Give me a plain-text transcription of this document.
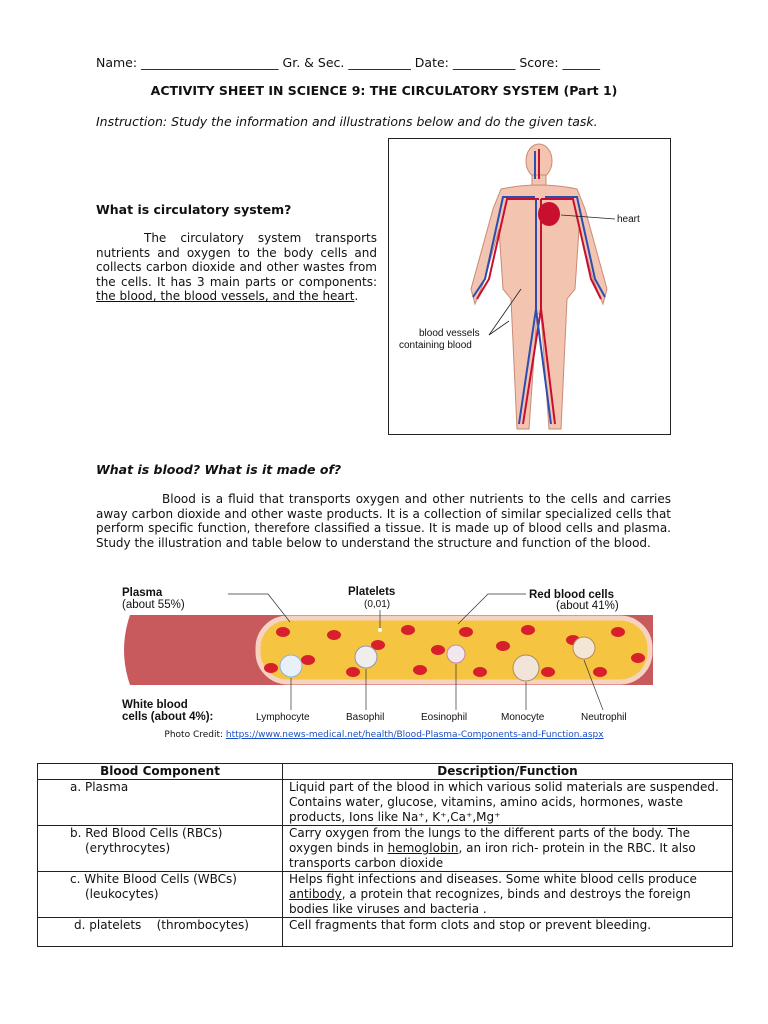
Name: ______________________ Gr. & Sec. __________ Date: __________ Score: ______
ACTIVITY SHEET IN SCIENCE 9: THE CIRCULATORY SYSTEM (Part 1)
Instruction: Study the information and illustrations below and do the given task.
What is circulatory system?
The circulatory system transports nutrients and oxygen to the body cells and collects carbon dioxide and other wastes from the cells. It has 3 main parts or components: the blood, the blood vessels, and the heart.
heart
blood vessels
containing blood
What is blood? What is it made of?
Blood is a fluid that transports oxygen and other nutrients to the cells and carries away carbon dioxide and other waste products. It is a collection of similar specialized cells that perform specific function, therefore classified a tissue. It is made up of blood cells and plasma. Study the illustration and table below to understand the structure and function of the blood.
Plasma
(about 55%)
Platelets
(0,01)
Red blood cells
(about 41%)
White blood
cells (about 4%):	Lymphocyte	Basophil	Eosinophil	Monocyte	Neutrophil
Photo Credit: https://www.news-medical.net/health/Blood-Plasma-Components-and-Function.aspx
Blood Component	Description/Function
a. Plasma	Liquid part of the blood in which various solid materials are suspended. Contains water, glucose, vitamins, amino acids, hormones, waste products, Ions like Na⁺, K⁺,Ca⁺,Mg⁺

b. Red Blood Cells (RBCs)
(erythrocytes)	Carry oxygen from the lungs to the different parts of the body. The oxygen binds in hemoglobin, an iron rich- protein in the RBC. It also transports carbon dioxide

c. White Blood Cells (WBCs)
(leukocytes)	Helps fight infections and diseases. Some white blood cells produce antibody, a protein that recognizes, binds and destroys the foreign bodies like viruses and bacteria .
d. platelets    (thrombocytes)	Cell fragments that form clots and stop or prevent bleeding.
